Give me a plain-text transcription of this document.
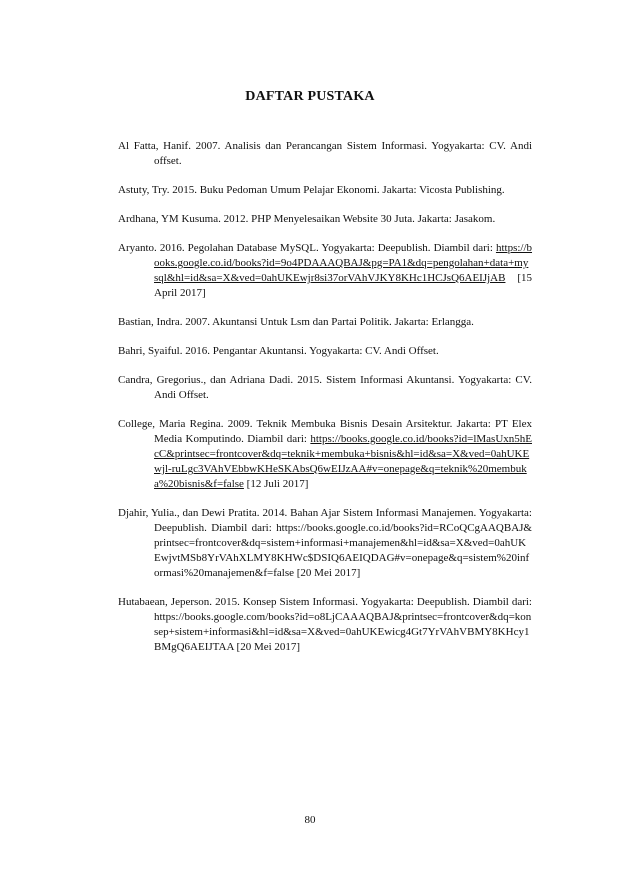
DAFTAR PUSTAKA

Al Fatta, Hanif. 2007. Analisis dan Perancangan Sistem Informasi. Yogyakarta: CV. Andi offset.

Astuty, Try. 2015. Buku Pedoman Umum Pelajar Ekonomi. Jakarta: Vicosta Publishing.

Ardhana, YM Kusuma. 2012. PHP Menyelesaikan Website 30 Juta. Jakarta: Jasakom.

Aryanto. 2016. Pegolahan Database MySQL. Yogyakarta: Deepublish. Diambil dari: https://books.google.co.id/books?id=9o4PDAAAQBAJ&pg=PA1&dq=pengolahan+data+mysql&hl=id&sa=X&ved=0ahUKEwjr8si37orVAhVJKY8KHc1HCJsQ6AEIJjAB [15 April 2017]

Bastian, Indra. 2007. Akuntansi Untuk Lsm dan Partai Politik. Jakarta: Erlangga.

Bahri, Syaiful. 2016. Pengantar Akuntansi. Yogyakarta: CV. Andi Offset.

Candra, Gregorius., dan Adriana Dadi. 2015. Sistem Informasi Akuntansi. Yogyakarta: CV. Andi Offset.

College, Maria Regina. 2009. Teknik Membuka Bisnis Desain Arsitektur. Jakarta: PT Elex Media Komputindo. Diambil dari: https://books.google.co.id/books?id=lMasUxn5hEcC&printsec=frontcover&dq=teknik+membuka+bisnis&hl=id&sa=X&ved=0ahUKEwjl-ruLgc3VAhVEbbwKHeSKAbsQ6wEIJzAA#v=onepage&q=teknik%20membuka%20bisnis&f=false [12 Juli 2017]

Djahir, Yulia., dan Dewi Pratita. 2014. Bahan Ajar Sistem Informasi Manajemen. Yogyakarta: Deepublish. Diambil dari: https://books.google.co.id/books?id=RCoQCgAAQBAJ&printsec=frontcover&dq=sistem+informasi+manajemen&hl=id&sa=X&ved=0ahUKEwjvtMSb8YrVAhXLMY8KHWc$DSIQ6AEIQDAG#v=onepage&q=sistem%20informasi%20manajemen&f=false [20 Mei 2017]

Hutabaean, Jeperson. 2015. Konsep Sistem Informasi. Yogyakarta: Deepublish. Diambil dari: https://books.google.com/books?id=o8LjCAAAQBAJ&printsec=frontcover&dq=konsep+sistem+informasi&hl=id&sa=X&ved=0ahUKEwicg4Gt7YrVAhVBMY8KHcy1BMgQ6AEIJTAA [20 Mei 2017]

80
